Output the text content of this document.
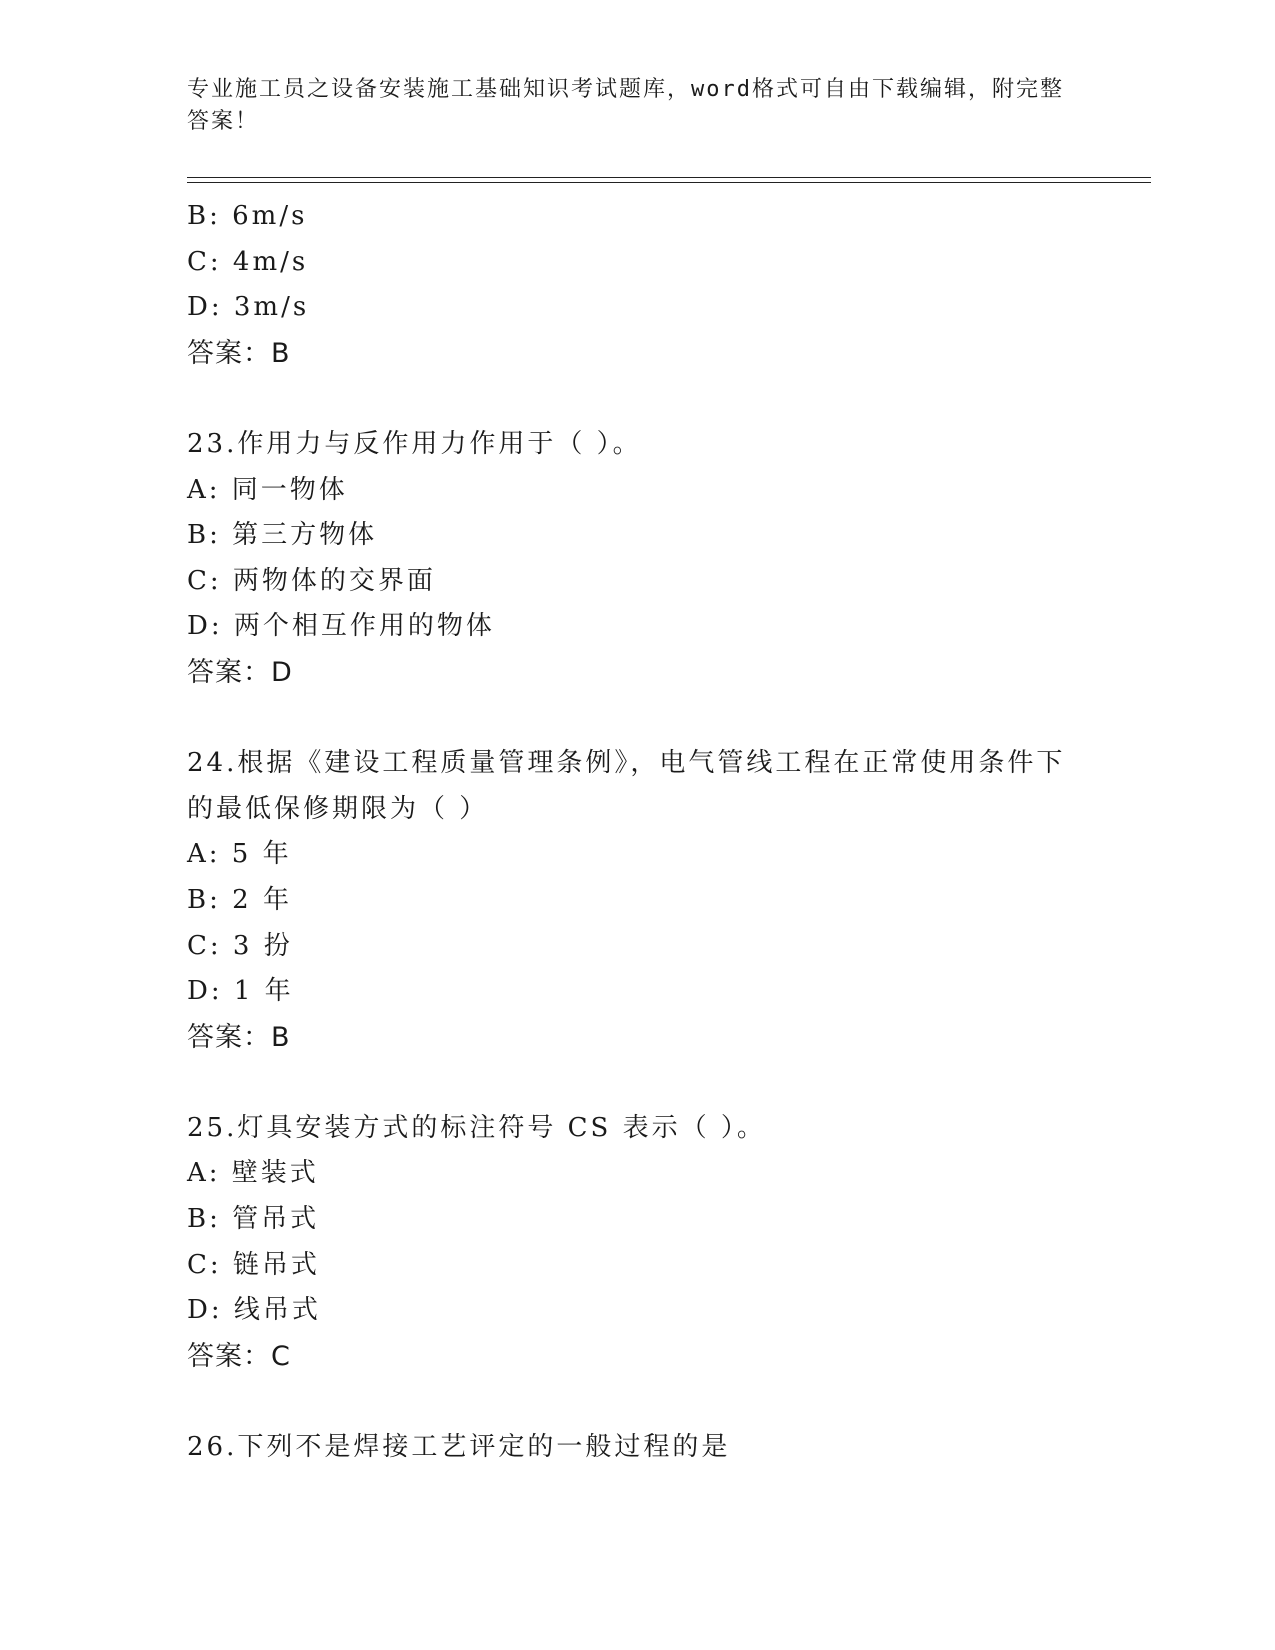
专业施工员之设备安装施工基础知识考试题库，word格式可自由下载编辑，附完整答案！
B: 6m/s
C: 4m/s
D: 3m/s
答案：B
23.作用力与反作用力作用于（ ）。
A: 同一物体
B: 第三方物体
C: 两物体的交界面
D: 两个相互作用的物体
答案：D
24.根据《建设工程质量管理条例》，电气管线工程在正常使用条件下
的最低保修期限为（ ）
A: 5 年
B: 2 年
C: 3 扮
D: 1 年
答案：B
25.灯具安装方式的标注符号 CS 表示（ ）。
A: 壁装式
B: 管吊式
C: 链吊式
D: 线吊式
答案：C
26.下列不是焊接工艺评定的一般过程的是
